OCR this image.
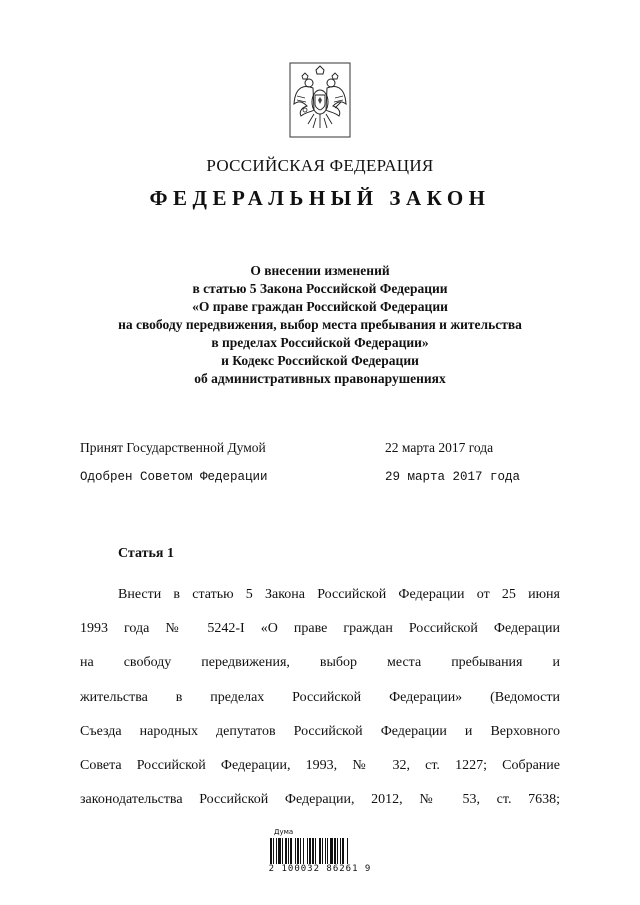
РОССИЙСКАЯ ФЕДЕРАЦИЯ
ФЕДЕРАЛЬНЫЙ ЗАКОН
О внесении изменений
в статью 5 Закона Российской Федерации
«О праве граждан Российской Федерации
на свободу передвижения, выбор места пребывания и жительства
в пределах Российской Федерации»
и Кодекс Российской Федерации
об административных правонарушениях
Принят Государственной Думой	22 марта 2017 года
Одобрен Советом Федерации	29 марта 2017 года
Статья 1
Внести в статью 5 Закона Российской Федерации от 25 июня
1993 года № 5242-I «О праве граждан Российской Федерации
на свободу передвижения, выбор места пребывания и
жительства в пределах Российской Федерации» (Ведомости
Съезда народных депутатов Российской Федерации и Верховного
Совета Российской Федерации, 1993, № 32, ст. 1227; Собрание
законодательства Российской Федерации, 2012, № 53, ст. 7638;
Дума
2 100032 86261 9
